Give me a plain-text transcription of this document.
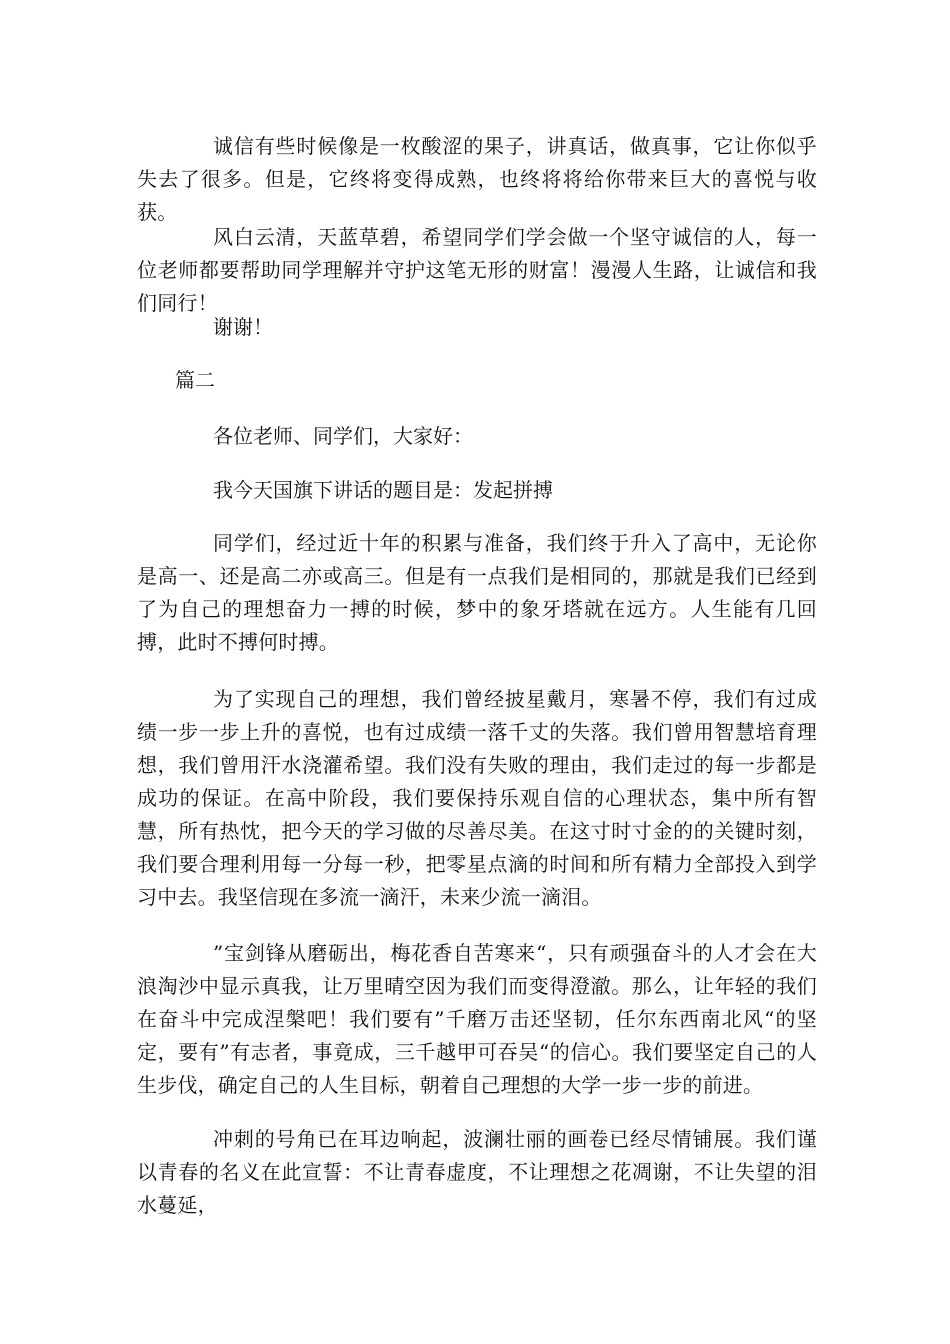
诚信有些时候像是一枚酸涩的果子，讲真话，做真事，它让你似乎失去了很多。但是，它终将变得成熟，也终将将给你带来巨大的喜悦与收获。

风白云清，天蓝草碧，希望同学们学会做一个坚守诚信的人，每一位老师都要帮助同学理解并守护这笔无形的财富！漫漫人生路，让诚信和我们同行！

谢谢！

篇二

各位老师、同学们，大家好：

我今天国旗下讲话的题目是：发起拼搏

同学们，经过近十年的积累与准备，我们终于升入了高中，无论你是高一、还是高二亦或高三。但是有一点我们是相同的，那就是我们已经到了为自己的理想奋力一搏的时候，梦中的象牙塔就在远方。人生能有几回搏，此时不搏何时搏。

为了实现自己的理想，我们曾经披星戴月，寒暑不停，我们有过成绩一步一步上升的喜悦，也有过成绩一落千丈的失落。我们曾用智慧培育理想，我们曾用汗水浇灌希望。我们没有失败的理由，我们走过的每一步都是成功的保证。在高中阶段，我们要保持乐观自信的心理状态，集中所有智慧，所有热忱，把今天的学习做的尽善尽美。在这寸时寸金的的关键时刻，我们要合理利用每一分每一秒，把零星点滴的时间和所有精力全部投入到学习中去。我坚信现在多流一滴汗，未来少流一滴泪。

”宝剑锋从磨砺出，梅花香自苦寒来“，只有顽强奋斗的人才会在大浪淘沙中显示真我，让万里晴空因为我们而变得澄澈。那么，让年轻的我们在奋斗中完成涅槃吧！我们要有”千磨万击还坚韧，任尔东西南北风“的坚定，要有”有志者，事竟成，三千越甲可吞吴“的信心。我们要坚定自己的人生步伐，确定自己的人生目标，朝着自己理想的大学一步一步的前进。

冲刺的号角已在耳边响起，波澜壮丽的画卷已经尽情铺展。我们谨以青春的名义在此宣誓：不让青春虚度，不让理想之花凋谢，不让失望的泪水蔓延，
